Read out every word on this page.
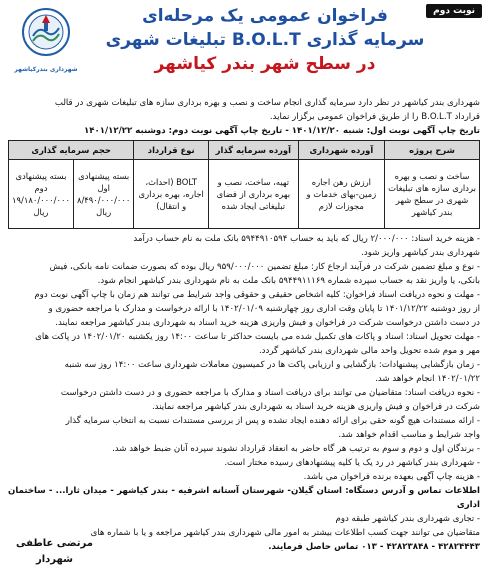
شهرداری بندرکیاشهر
نوبت دوم
فراخوان عمومی یک مرحله‌ای
سرمایه گذاری B.O.L.T تبلیغات شهری
در سطح شهر بندر کیاشهر

شهرداری بندر کیاشهر در نظر دارد سرمایه گذاری انجام ساخت و نصب و بهره برداری سازه های تبلیغات شهری در قالب

قرارداد B.O.L.T را از طریق فراخوان عمومی برگزار نماید.

تاریخ چاپ آگهی نوبت اول: شنبه ۱۴۰۱/۱۲/۲۰ - تاریخ چاپ آگهی نوبت دوم: دوشنبه ۱۴۰۱/۱۲/۲۲

شرح پروژه	آورده شهرداری	آورده سرمایه گذار	نوع قرارداد	حجم سرمایه گذاری	
ساخت و نصب و بهره برداری سازه های تبلیغات شهری در سطح شهر بندر کیاشهر	ارزش رهن اجاره زمین-بهای خدمات و مجوزات لازم	تهیه، ساخت، نصب و بهره برداری از فضای تبلیغاتی ایجاد شده	BOLT (احداث، اجاره، بهره برداری و انتقال)	بسته پیشنهادی اول ۸/۴۹۰/۰۰۰/۰۰۰ ریال	بسته پیشنهادی دوم ۱۹/۱۸۰/۰۰۰/۰۰۰ ریال

- هزینه خرید اسناد: ۲/۰۰۰/۰۰۰ ریال که باید به حساب ۵۹۴۴۹۱۰۵۹۴ بانک ملت به نام حساب درآمد

شهرداری بندر کیاشهر واریز شود.

- نوع و مبلغ تضمین شرکت در فرآیند ارجاع کار: مبلغ تضمین ۹۵۹/۰۰۰/۰۰۰ ریال بوده که بصورت ضمانت نامه بانکی، فیش

بانکی، یا واریز نقد به حساب سپرده شماره ۵۹۴۴۹۱۱۱۶۹ بانک ملت به نام شهرداری بندر کیاشهر انجام شود.

- مهلت و نحوه دریافت اسناد فراخوان: کلیه اشخاص حقیقی و حقوقی واجد شرایط می توانند هم زمان با چاپ آگهی نوبت دوم

از روز دوشنبه ۱۴۰۱/۱۲/۲۲ تا پایان وقت اداری روز چهارشنبه ۱۴۰۲/۰۱/۰۹ با ارائه درخواست و مدارک با مراجعه حضوری و

در دست داشتن درخواست شرکت در فراخوان و فیش واریزی هزینه خرید اسناد به شهرداری بندر کیاشهر مراجعه نمایند.

- مهلت تحویل اسناد: اسناد و پاکات های تکمیل شده می بایست حداکثر تا ساعت ۱۴:۰۰ روز یکشنبه ۱۴۰۲/۰۱/۲۰ در پاکت های

مهر و موم شده تحویل واحد مالی شهرداری بندر کیاشهر گردد.

- زمان بازگشایی پیشنهادات: بازگشایی و ارزیابی پاکت ها در کمیسیون معاملات شهرداری ساعت ۱۴:۰۰ روز سه شنبه

۱۴۰۲/۰۱/۲۲ انجام خواهد شد.

- نحوه دریافت اسناد: متقاضیان می توانند برای دریافت اسناد و مدارک با مراجعه حضوری و در دست داشتن درخواست

شرکت در فراخوان و فیش واریزی هزینه خرید اسناد به شهرداری بندر کیاشهر مراجعه نمایند.

- ارائه مستندات هیچ گونه حقی برای ارائه دهنده ایجاد نشده و پس از بررسی مستندات نسبت به انتخاب سرمایه گذار

واجد شرایط و مناسب اقدام خواهد شد.

- برندگان اول و دوم و سوم به ترتیب هر گاه حاضر به انعقاد قرارداد نشوند سپرده آنان ضبط خواهد شد.

- شهرداری بندر کیاشهر در رد یک یا کلیه پیشنهادهای رسیده مختار است.

- هزینه چاپ آگهی بعهده برنده فراخوان می باشد.

اطلاعات تماس و آدرس دستگاه: استان گیلان- شهرستان آستانه اشرفیه - بندر کیاشهر - میدان ثارا... - ساختمان اداری

- تجاری شهرداری بندر کیاشهر طبقه دوم

متقاضیان می توانند جهت کسب اطلاعات بیشتر به امور مالی شهرداری بندر کیاشهر مراجعه و یا با شماره های

۴۲۸۲۴۴۴۳ - ۴۲۸۲۳۸۴۸ - ۰۱۳ تماس حاصل فرمایند.

مرتضی عاطفی
شهردار
